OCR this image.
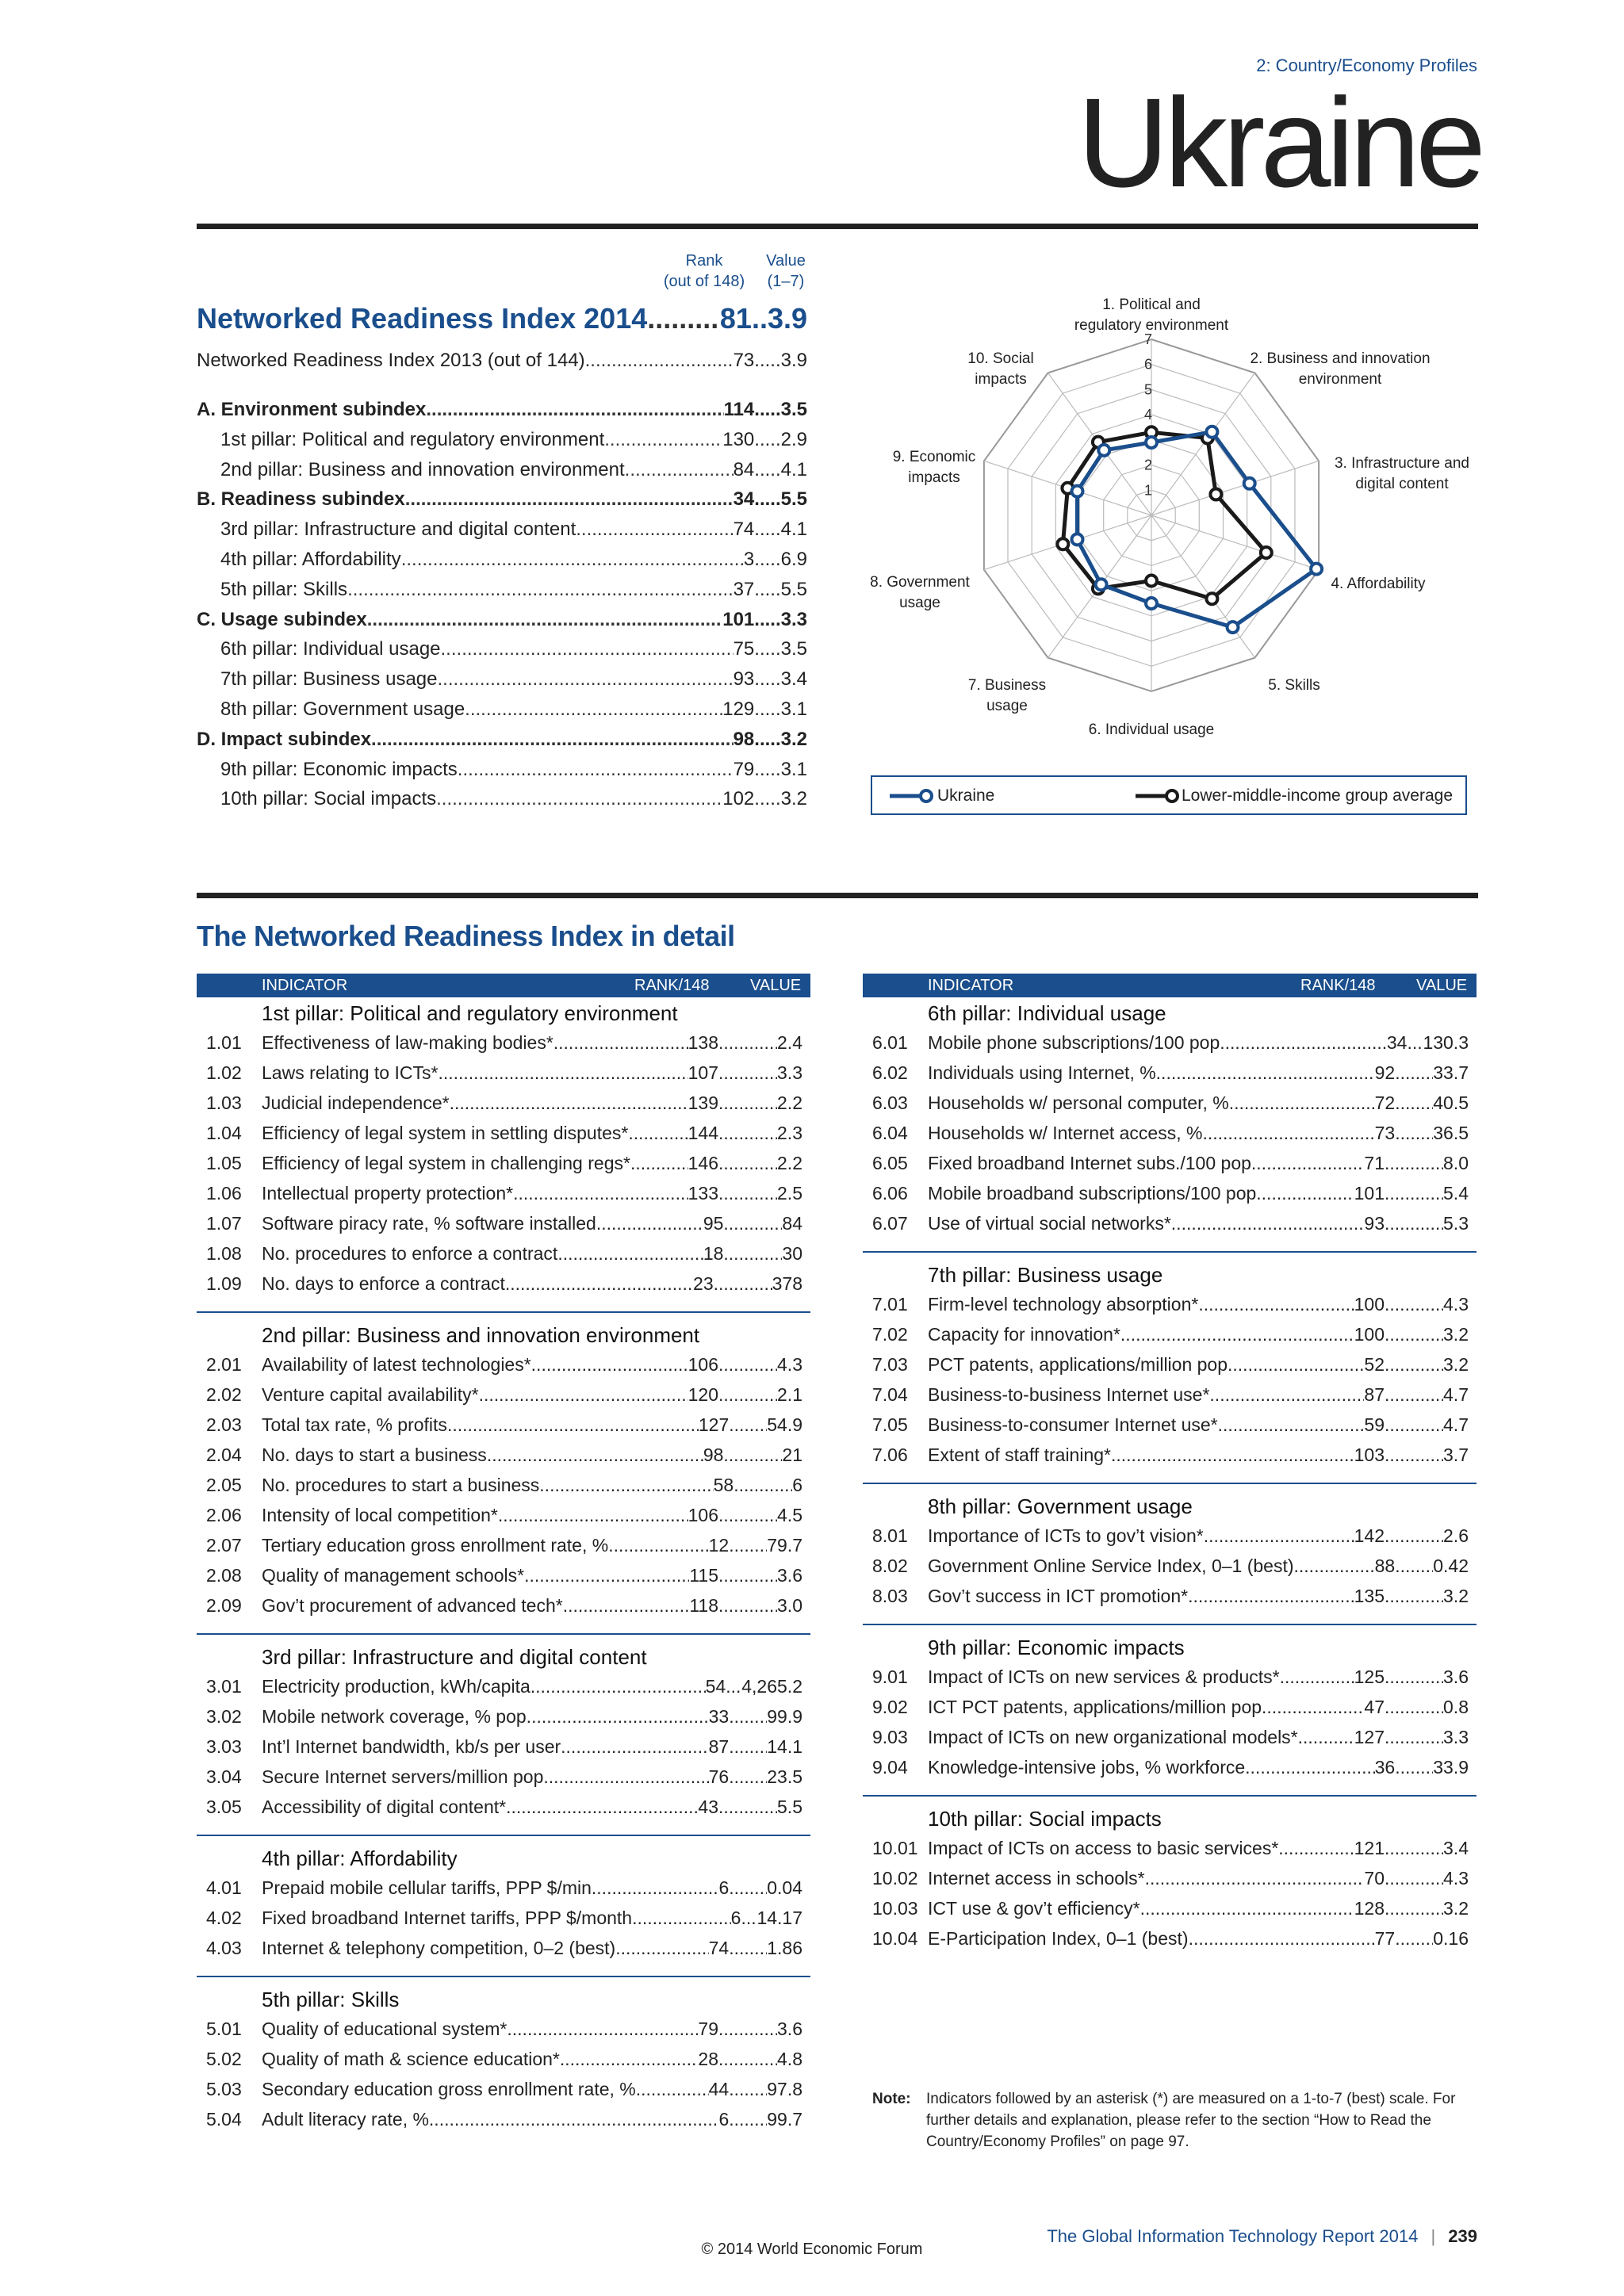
2: Country/Economy Profiles
Ukraine
Rank
(out of 148)
Value
(1–7)
Networked Readiness Index 2014 .....	81 .. 3.9
Networked Readiness Index 2013 (out of 144) .....	73 ..... 3.9
A. Environment subindex .....	114 ..... 3.5
1st pillar: Political and regulatory environment .....	130 ..... 2.9
2nd pillar: Business and innovation environment .....	84 ..... 4.1
B. Readiness subindex .....	34 ..... 5.5
3rd pillar: Infrastructure and digital content .....	74 ..... 4.1
4th pillar: Affordability .....	3 ..... 6.9
5th pillar: Skills .....	37 ..... 5.5
C. Usage subindex .....	101 ..... 3.3
6th pillar: Individual usage .....	75 ..... 3.5
7th pillar: Business usage .....	93 ..... 3.4
8th pillar: Government usage .....	129 ..... 3.1
D. Impact subindex .....	98 ..... 3.2
9th pillar: Economic impacts .....	79 ..... 3.1
10th pillar: Social impacts .....	102 ..... 3.2
1
2
4
5
6
7
1. Political and
regulatory environment
2. Business and innovation
environment
3. Infrastructure and
digital content
4. Affordability
5. Skills
6. Individual usage
7. Business
usage
8. Government
usage
9. Economic
impacts
10. Social
impacts
Ukraine	Lower-middle-income group average
The Networked Readiness Index in detail
INDICATOR	RANK/148	VALUE
1st pillar: Political and regulatory environment
1.01	Effectiveness of law-making bodies* .....	138 .....	2.4
1.02	Laws relating to ICTs* .....	107 .....	3.3
1.03	Judicial independence* .....	139 .....	2.2
1.04	Efficiency of legal system in settling disputes* .....	144 .....	2.3
1.05	Efficiency of legal system in challenging regs* .....	146 .....	2.2
1.06	Intellectual property protection* .....	133 .....	2.5
1.07	Software piracy rate, % software installed .....	95 .....	84
1.08	No. procedures to enforce a contract .....	18 .....	30
1.09	No. days to enforce a contract .....	23 .....	378
2nd pillar: Business and innovation environment
2.01	Availability of latest technologies* .....	106 .....	4.3
2.02	Venture capital availability* .....	120 .....	2.1
2.03	Total tax rate, % profits .....	127 ..... 54.9
2.04	No. days to start a business .....	98 .....	21
2.05	No. procedures to start a business .....	58 .....	6
2.06	Intensity of local competition* .....	106 .....	4.5
2.07	Tertiary education gross enrollment rate, % .....	12 ..... 79.7
2.08	Quality of management schools* .....	115 .....	3.6
2.09	Gov’t procurement of advanced tech* .....	118 .....	3.0
3rd pillar: Infrastructure and digital content
3.01	Electricity production, kWh/capita .....	54 ..... 4,265.2
3.02	Mobile network coverage, % pop. .....	33 ..... 99.9
3.03	Int’l Internet bandwidth, kb/s per user .....	87 ..... 14.1
3.04	Secure Internet servers/million pop. .....	76 ..... 23.5
3.05	Accessibility of digital content* .....	43 .....	5.5
4th pillar: Affordability
4.01	Prepaid mobile cellular tariffs, PPP $/min. .....	6 ..... 0.04
4.02	Fixed broadband Internet tariffs, PPP $/month .....	6 ..... 14.17
4.03	Internet & telephony competition, 0–2 (best) .....	74 ..... 1.86
5th pillar: Skills
5.01	Quality of educational system* .....	79 .....	3.6
5.02	Quality of math & science education* .....	28 .....	4.8
5.03	Secondary education gross enrollment rate, % .....	44 ..... 97.8
5.04	Adult literacy rate, % .....	6 ..... 99.7
INDICATOR	RANK/148	VALUE
6th pillar: Individual usage
6.01	Mobile phone subscriptions/100 pop. .....	34 ..... 130.3
6.02	Individuals using Internet, % .....	92 ..... 33.7
6.03	Households w/ personal computer, % .....	72 ..... 40.5
6.04	Households w/ Internet access, % .....	73 ..... 36.5
6.05	Fixed broadband Internet subs./100 pop. .....	71 .....	8.0
6.06	Mobile broadband subscriptions/100 pop. .....	101 .....	5.4
6.07	Use of virtual social networks* .....	93 .....	5.3
7th pillar: Business usage
7.01	Firm-level technology absorption* .....	100 .....	4.3
7.02	Capacity for innovation* .....	100 .....	3.2
7.03	PCT patents, applications/million pop. .....	52 .....	3.2
7.04	Business-to-business Internet use* .....	87 .....	4.7
7.05	Business-to-consumer Internet use* .....	59 .....	4.7
7.06	Extent of staff training* .....	103 .....	3.7
8th pillar: Government usage
8.01	Importance of ICTs to gov’t vision* .....	142 .....	2.6
8.02	Government Online Service Index, 0–1 (best) .....	88 ..... 0.42
8.03	Gov’t success in ICT promotion* .....	135 .....	3.2
9th pillar: Economic impacts
9.01	Impact of ICTs on new services & products* .....	125 .....	3.6
9.02	ICT PCT patents, applications/million pop. .....	47 .....	0.8
9.03	Impact of ICTs on new organizational models* .....	127 .....	3.3
9.04	Knowledge-intensive jobs, % workforce .....	36 ..... 33.9
10th pillar: Social impacts
10.01 Impact of ICTs on access to basic services* .....	121 .....	3.4
10.02 Internet access in schools* .....	70 .....	4.3
10.03 ICT use & gov’t efficiency* .....	128 .....	3.2
10.04 E-Participation Index, 0–1 (best) .....	77 ..... 0.16
Note: Indicators followed by an asterisk (*) are measured on a 1-to-7 (best) scale. For further details and explanation, please refer to the section “How to Read the Country/Economy Profiles” on page 97.
The Global Information Technology Report 2014 | 239
© 2014 World Economic Forum
